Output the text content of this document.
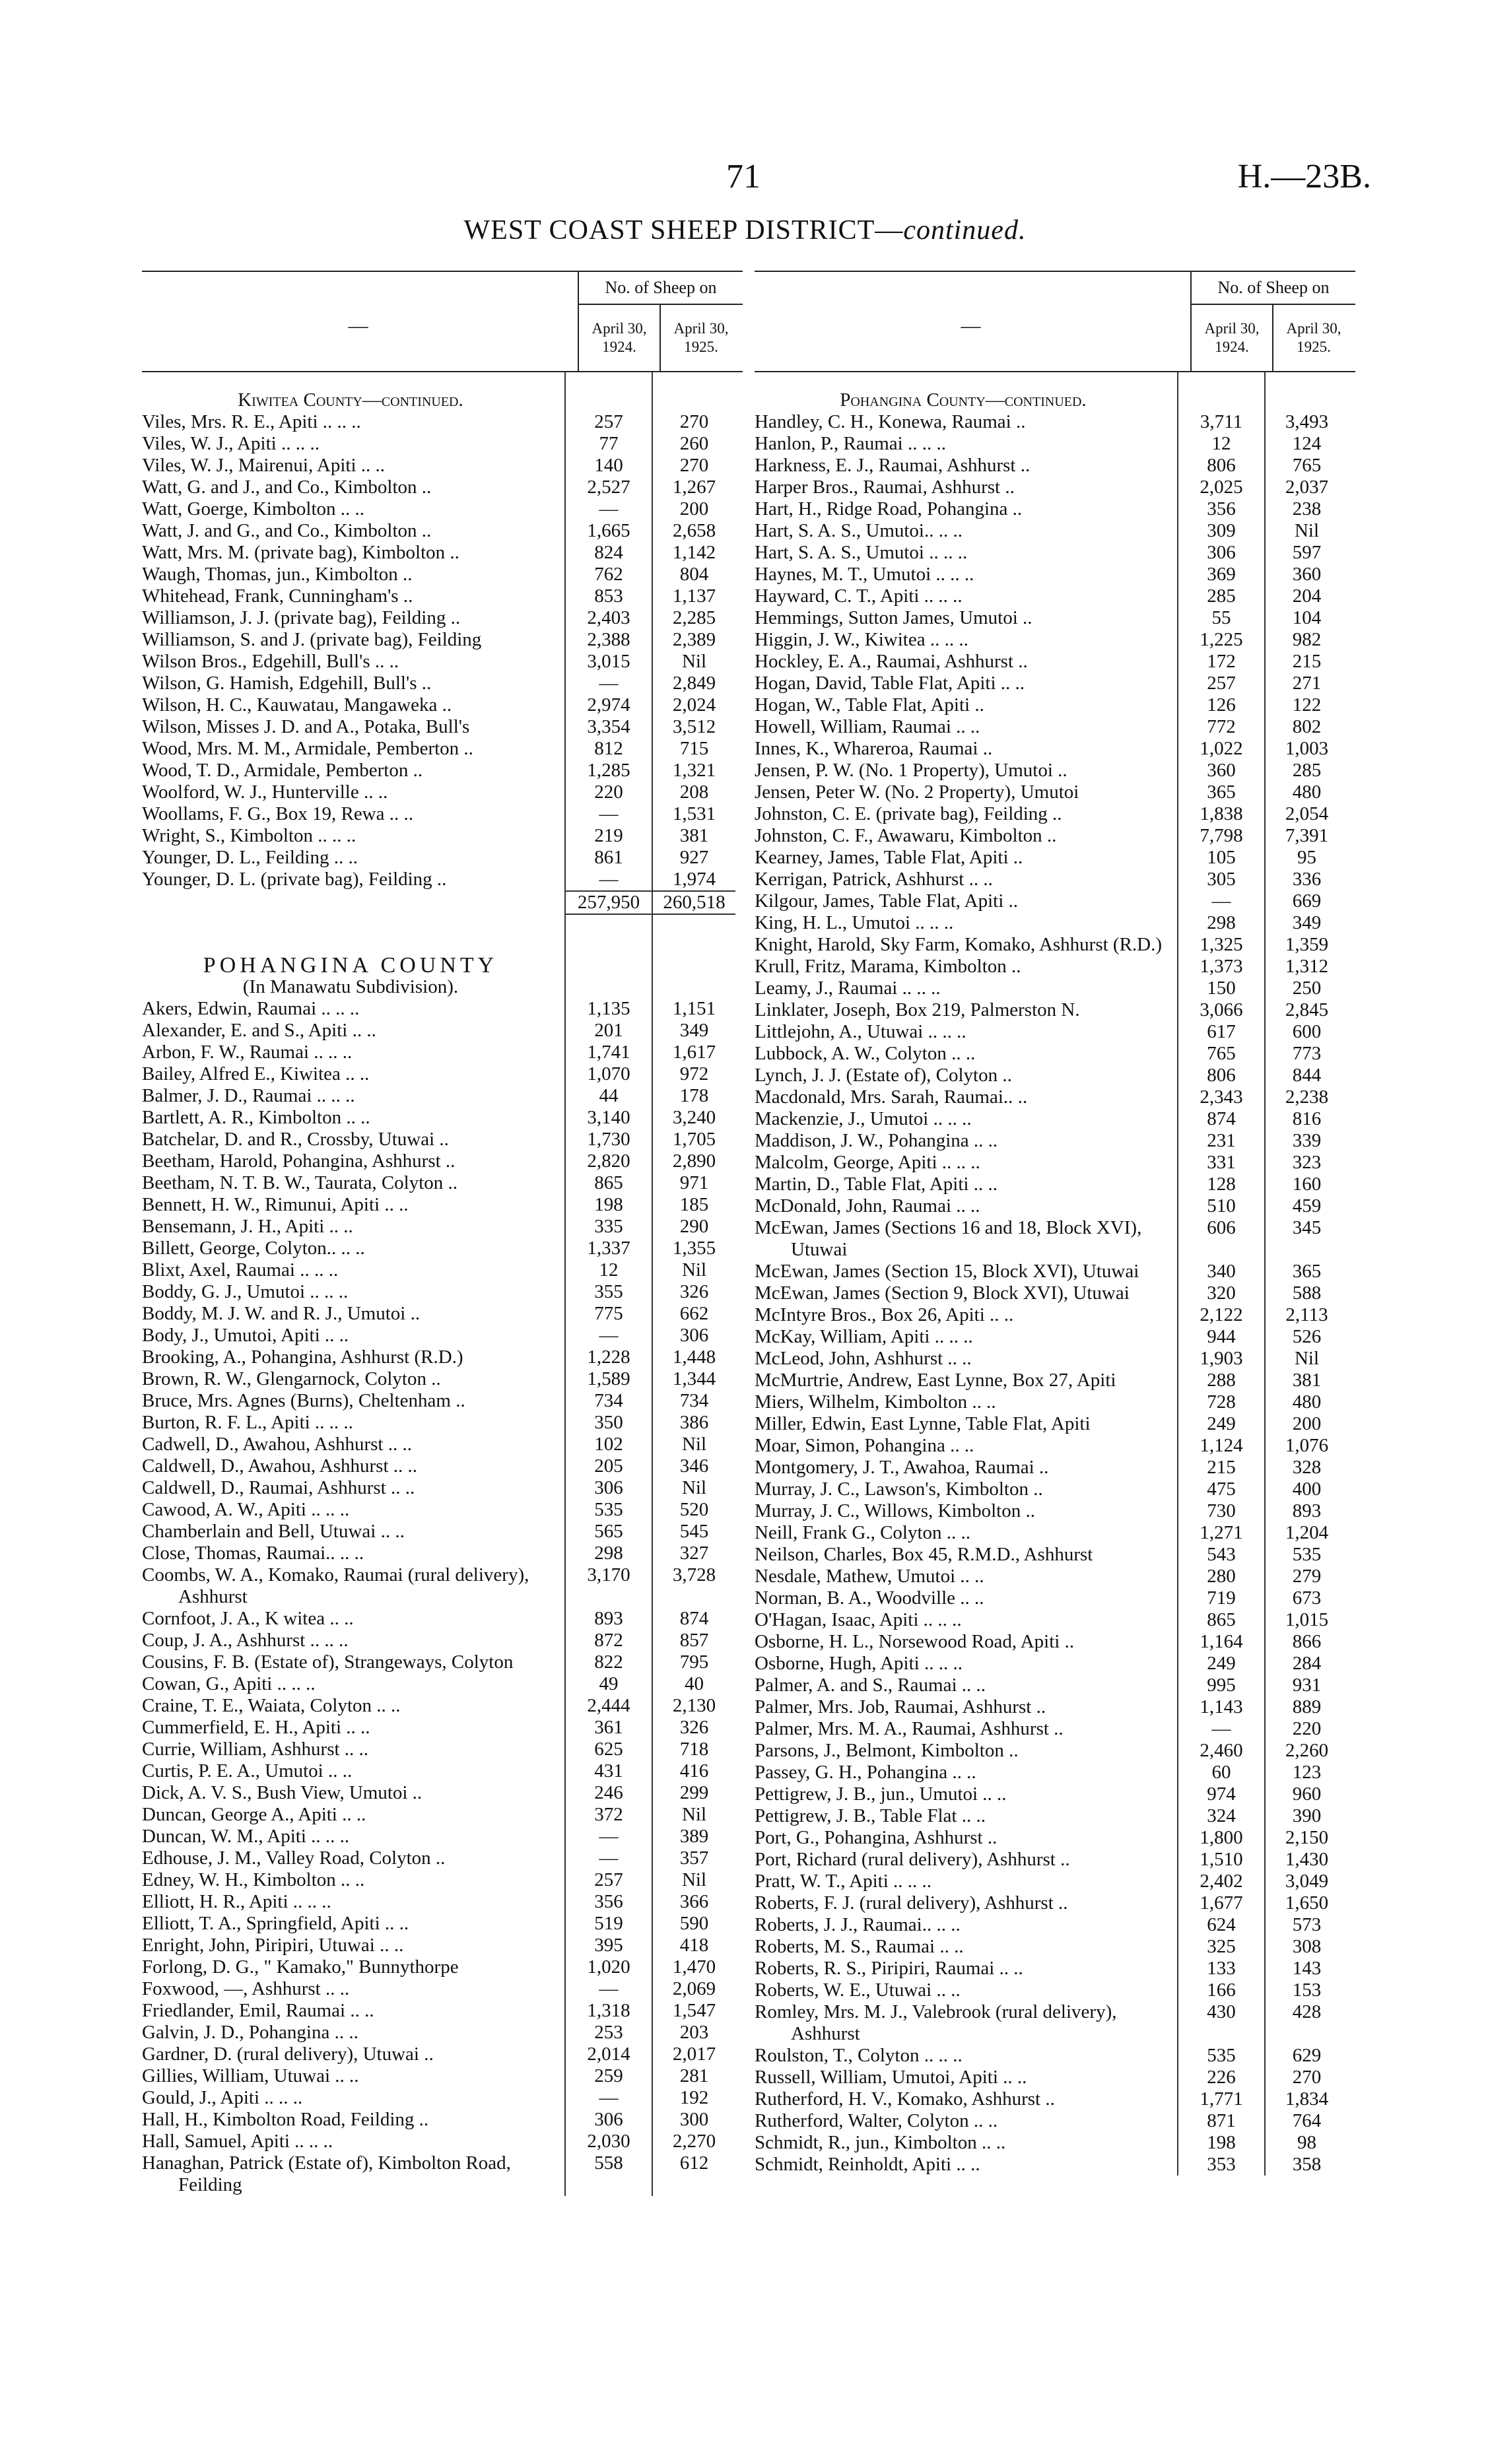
71	H.—23B.
WEST COAST SHEEP DISTRICT—continued.
—
No. of Sheep on
April 30, 1924.
April 30, 1925.
Kiwitea County—continued.
Viles, Mrs. R. E., Apiti .. .. ..	257	270
Viles, W. J., Apiti .. .. ..	77	260
Viles, W. J., Mairenui, Apiti .. ..	140	270
Watt, G. and J., and Co., Kimbolton ..	2,527	1,267
Watt, Goerge, Kimbolton .. ..	—	200
Watt, J. and G., and Co., Kimbolton ..	1,665	2,658
Watt, Mrs. M. (private bag), Kimbolton ..	824	1,142
Waugh, Thomas, jun., Kimbolton ..	762	804
Whitehead, Frank, Cunningham's ..	853	1,137
Williamson, J. J. (private bag), Feilding ..	2,403	2,285
Williamson, S. and J. (private bag), Feilding	2,388	2,389
Wilson Bros., Edgehill, Bull's .. ..	3,015	Nil
Wilson, G. Hamish, Edgehill, Bull's ..	—	2,849
Wilson, H. C., Kauwatau, Mangaweka ..	2,974	2,024
Wilson, Misses J. D. and A., Potaka, Bull's	3,354	3,512
Wood, Mrs. M. M., Armidale, Pemberton ..	812	715
Wood, T. D., Armidale, Pemberton ..	1,285	1,321
Woolford, W. J., Hunterville .. ..	220	208
Woollams, F. G., Box 19, Rewa .. ..	—	1,531
Wright, S., Kimbolton .. .. ..	219	381
Younger, D. L., Feilding .. ..	861	927
Younger, D. L. (private bag), Feilding ..	—	1,974
257,950	260,518
POHANGINA COUNTY
(In Manawatu Subdivision).
Akers, Edwin, Raumai .. .. ..	1,135	1,151
Alexander, E. and S., Apiti .. ..	201	349
Arbon, F. W., Raumai .. .. ..	1,741	1,617
Bailey, Alfred E., Kiwitea .. ..	1,070	972
Balmer, J. D., Raumai .. .. ..	44	178
Bartlett, A. R., Kimbolton .. ..	3,140	3,240
Batchelar, D. and R., Crossby, Utuwai ..	1,730	1,705
Beetham, Harold, Pohangina, Ashhurst ..	2,820	2,890
Beetham, N. T. B. W., Taurata, Colyton ..	865	971
Bennett, H. W., Rimunui, Apiti .. ..	198	185
Bensemann, J. H., Apiti .. ..	335	290
Billett, George, Colyton.. .. ..	1,337	1,355
Blixt, Axel, Raumai .. .. ..	12	Nil
Boddy, G. J., Umutoi .. .. ..	355	326
Boddy, M. J. W. and R. J., Umutoi ..	775	662
Body, J., Umutoi, Apiti .. ..	—	306
Brooking, A., Pohangina, Ashhurst (R.D.)	1,228	1,448
Brown, R. W., Glengarnock, Colyton ..	1,589	1,344
Bruce, Mrs. Agnes (Burns), Cheltenham ..	734	734
Burton, R. F. L., Apiti .. .. ..	350	386
Cadwell, D., Awahou, Ashhurst .. ..	102	Nil
Caldwell, D., Awahou, Ashhurst .. ..	205	346
Caldwell, D., Raumai, Ashhurst .. ..	306	Nil
Cawood, A. W., Apiti .. .. ..	535	520
Chamberlain and Bell, Utuwai .. ..	565	545
Close, Thomas, Raumai.. .. ..	298	327
Coombs, W. A., Komako, Raumai (rural delivery), Ashhurst
3,170	3,728
Cornfoot, J. A., K witea .. ..	893	874
Coup, J. A., Ashhurst .. .. ..	872	857
Cousins, F. B. (Estate of), Strangeways, Colyton	822	795
Cowan, G., Apiti .. .. ..	49	40
Craine, T. E., Waiata, Colyton .. ..	2,444	2,130
Cummerfield, E. H., Apiti .. ..	361	326
Currie, William, Ashhurst .. ..	625	718
Curtis, P. E. A., Umutoi .. ..	431	416
Dick, A. V. S., Bush View, Umutoi ..	246	299
Duncan, George A., Apiti .. ..	372	Nil
Duncan, W. M., Apiti .. .. ..	—	389
Edhouse, J. M., Valley Road, Colyton ..	—	357
Edney, W. H., Kimbolton .. ..	257	Nil
Elliott, H. R., Apiti .. .. ..	356	366
Elliott, T. A., Springfield, Apiti .. ..	519	590
Enright, John, Piripiri, Utuwai .. ..	395	418
Forlong, D. G., " Kamako," Bunnythorpe	1,020	1,470
Foxwood, —, Ashhurst .. ..	—	2,069
Friedlander, Emil, Raumai .. ..	1,318	1,547
Galvin, J. D., Pohangina .. ..	253	203
Gardner, D. (rural delivery), Utuwai ..	2,014	2,017
Gillies, William, Utuwai .. ..	259	281
Gould, J., Apiti .. .. ..	—	192
Hall, H., Kimbolton Road, Feilding ..	306	300
Hall, Samuel, Apiti .. .. ..	2,030	2,270
Hanaghan, Patrick (Estate of), Kimbolton Road, Feilding
558	612
—
No. of Sheep on
April 30, 1924.
April 30, 1925.
Pohangina County—continued.
Handley, C. H., Konewa, Raumai ..	3,711	3,493
Hanlon, P., Raumai .. .. ..	12	124
Harkness, E. J., Raumai, Ashhurst ..	806	765
Harper Bros., Raumai, Ashhurst ..	2,025	2,037
Hart, H., Ridge Road, Pohangina ..	356	238
Hart, S. A. S., Umutoi.. .. ..	309	Nil
Hart, S. A. S., Umutoi .. .. ..	306	597
Haynes, M. T., Umutoi .. .. ..	369	360
Hayward, C. T., Apiti .. .. ..	285	204
Hemmings, Sutton James, Umutoi ..	55	104
Higgin, J. W., Kiwitea .. .. ..	1,225	982
Hockley, E. A., Raumai, Ashhurst ..	172	215
Hogan, David, Table Flat, Apiti .. ..	257	271
Hogan, W., Table Flat, Apiti ..	126	122
Howell, William, Raumai .. ..	772	802
Innes, K., Whareroa, Raumai ..	1,022	1,003
Jensen, P. W. (No. 1 Property), Umutoi ..	360	285
Jensen, Peter W. (No. 2 Property), Umutoi	365	480
Johnston, C. E. (private bag), Feilding ..	1,838	2,054
Johnston, C. F., Awawaru, Kimbolton ..	7,798	7,391
Kearney, James, Table Flat, Apiti ..	105	95
Kerrigan, Patrick, Ashhurst .. ..	305	336
Kilgour, James, Table Flat, Apiti ..	—	669
King, H. L., Umutoi .. .. ..	298	349
Knight, Harold, Sky Farm, Komako, Ashhurst (R.D.)	1,325	1,359
Krull, Fritz, Marama, Kimbolton ..	1,373	1,312
Leamy, J., Raumai .. .. ..	150	250
Linklater, Joseph, Box 219, Palmerston N.	3,066	2,845
Littlejohn, A., Utuwai .. .. ..	617	600
Lubbock, A. W., Colyton .. ..	765	773
Lynch, J. J. (Estate of), Colyton ..	806	844
Macdonald, Mrs. Sarah, Raumai.. ..	2,343	2,238
Mackenzie, J., Umutoi .. .. ..	874	816
Maddison, J. W., Pohangina .. ..	231	339
Malcolm, George, Apiti .. .. ..	331	323
Martin, D., Table Flat, Apiti .. ..	128	160
McDonald, John, Raumai .. ..	510	459
McEwan, James (Sections 16 and 18, Block XVI), Utuwai
606	345
McEwan, James (Section 15, Block XVI), Utuwai	340	365
McEwan, James (Section 9, Block XVI), Utuwai	320	588
McIntyre Bros., Box 26, Apiti .. ..	2,122	2,113
McKay, William, Apiti .. .. ..	944	526
McLeod, John, Ashhurst .. ..	1,903	Nil
McMurtrie, Andrew, East Lynne, Box 27, Apiti	288	381
Miers, Wilhelm, Kimbolton .. ..	728	480
Miller, Edwin, East Lynne, Table Flat, Apiti	249	200
Moar, Simon, Pohangina .. ..	1,124	1,076
Montgomery, J. T., Awahoa, Raumai ..	215	328
Murray, J. C., Lawson's, Kimbolton ..	475	400
Murray, J. C., Willows, Kimbolton ..	730	893
Neill, Frank G., Colyton .. ..	1,271	1,204
Neilson, Charles, Box 45, R.M.D., Ashhurst	543	535
Nesdale, Mathew, Umutoi .. ..	280	279
Norman, B. A., Woodville .. ..	719	673
O'Hagan, Isaac, Apiti .. .. ..	865	1,015
Osborne, H. L., Norsewood Road, Apiti ..	1,164	866
Osborne, Hugh, Apiti .. .. ..	249	284
Palmer, A. and S., Raumai .. ..	995	931
Palmer, Mrs. Job, Raumai, Ashhurst ..	1,143	889
Palmer, Mrs. M. A., Raumai, Ashhurst ..	—	220
Parsons, J., Belmont, Kimbolton ..	2,460	2,260
Passey, G. H., Pohangina .. ..	60	123
Pettigrew, J. B., jun., Umutoi .. ..	974	960
Pettigrew, J. B., Table Flat .. ..	324	390
Port, G., Pohangina, Ashhurst ..	1,800	2,150
Port, Richard (rural delivery), Ashhurst ..	1,510	1,430
Pratt, W. T., Apiti .. .. ..	2,402	3,049
Roberts, F. J. (rural delivery), Ashhurst ..	1,677	1,650
Roberts, J. J., Raumai.. .. ..	624	573
Roberts, M. S., Raumai .. ..	325	308
Roberts, R. S., Piripiri, Raumai .. ..	133	143
Roberts, W. E., Utuwai .. ..	166	153
Romley, Mrs. M. J., Valebrook (rural delivery), Ashhurst
430	428
Roulston, T., Colyton .. .. ..	535	629
Russell, William, Umutoi, Apiti .. ..	226	270
Rutherford, H. V., Komako, Ashhurst ..	1,771	1,834
Rutherford, Walter, Colyton .. ..	871	764
Schmidt, R., jun., Kimbolton .. ..	198	98
Schmidt, Reinholdt, Apiti .. ..	353	358
